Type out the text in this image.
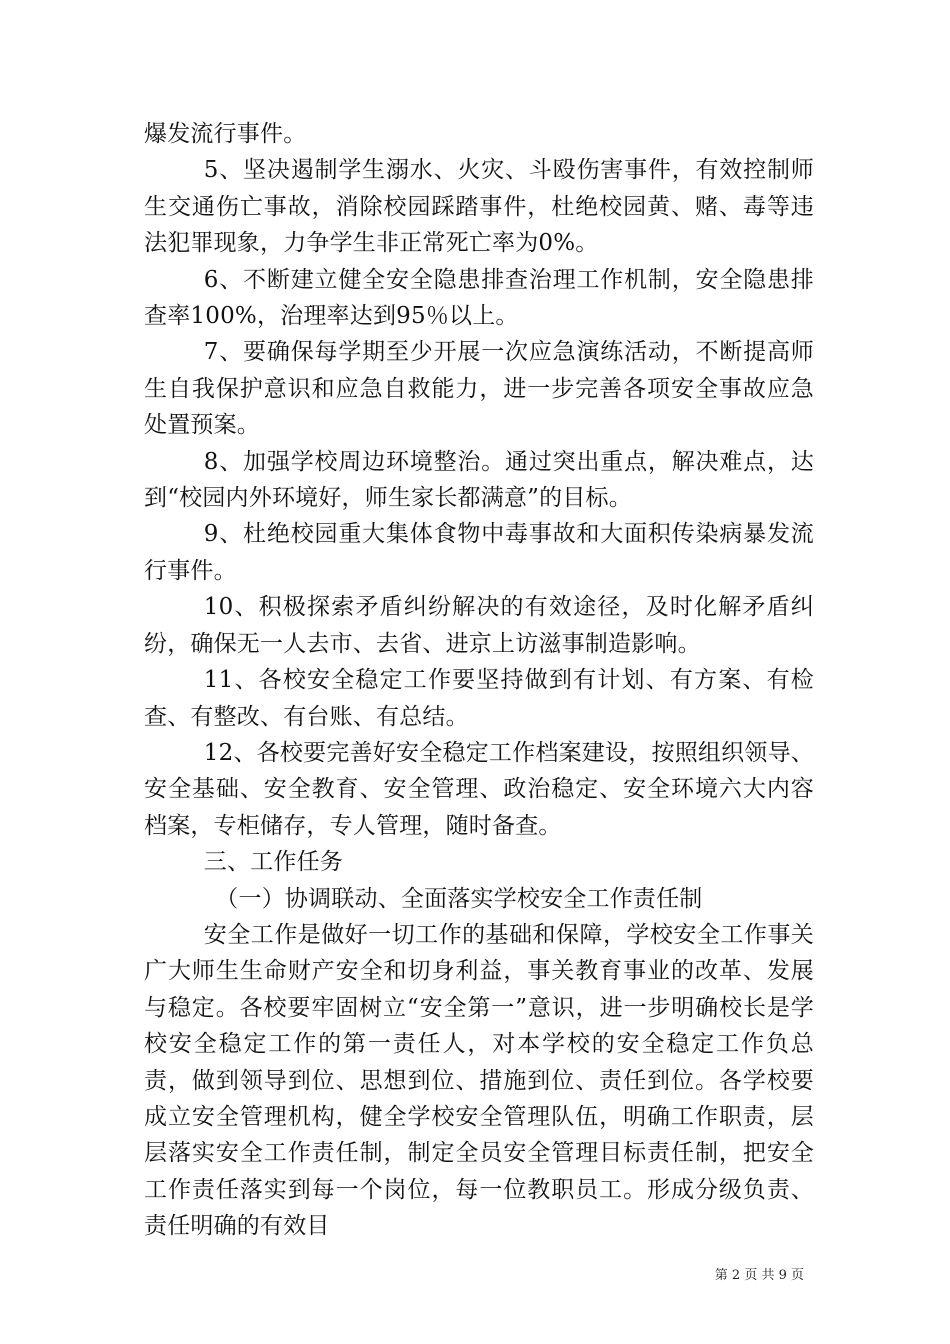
爆发流行事件。

5、坚决遏制学生溺水、火灾、斗殴伤害事件，有效控制师生交通伤亡事故，消除校园踩踏事件，杜绝校园黄、赌、毒等违法犯罪现象，力争学生非正常死亡率为0%。

6、不断建立健全安全隐患排查治理工作机制，安全隐患排查率100%，治理率达到95％以上。

7、要确保每学期至少开展一次应急演练活动，不断提高师生自我保护意识和应急自救能力，进一步完善各项安全事故应急处置预案。

8、加强学校周边环境整治。通过突出重点，解决难点，达到“校园内外环境好，师生家长都满意”的目标。

9、杜绝校园重大集体食物中毒事故和大面积传染病暴发流行事件。

10、积极探索矛盾纠纷解决的有效途径，及时化解矛盾纠纷，确保无一人去市、去省、进京上访滋事制造影响。

11、各校安全稳定工作要坚持做到有计划、有方案、有检查、有整改、有台账、有总结。

12、各校要完善好安全稳定工作档案建设，按照组织领导、安全基础、安全教育、安全管理、政治稳定、安全环境六大内容档案，专柜储存，专人管理，随时备查。

三、工作任务

（一）协调联动、全面落实学校安全工作责任制

安全工作是做好一切工作的基础和保障，学校安全工作事关广大师生生命财产安全和切身利益，事关教育事业的改革、发展与稳定。各校要牢固树立“安全第一”意识，进一步明确校长是学校安全稳定工作的第一责任人，对本学校的安全稳定工作负总责，做到领导到位、思想到位、措施到位、责任到位。各学校要成立安全管理机构，健全学校安全管理队伍，明确工作职责，层层落实安全工作责任制，制定全员安全管理目标责任制，把安全工作责任落实到每一个岗位，每一位教职员工。形成分级负责、责任明确的有效目

第 2 页 共 9 页
